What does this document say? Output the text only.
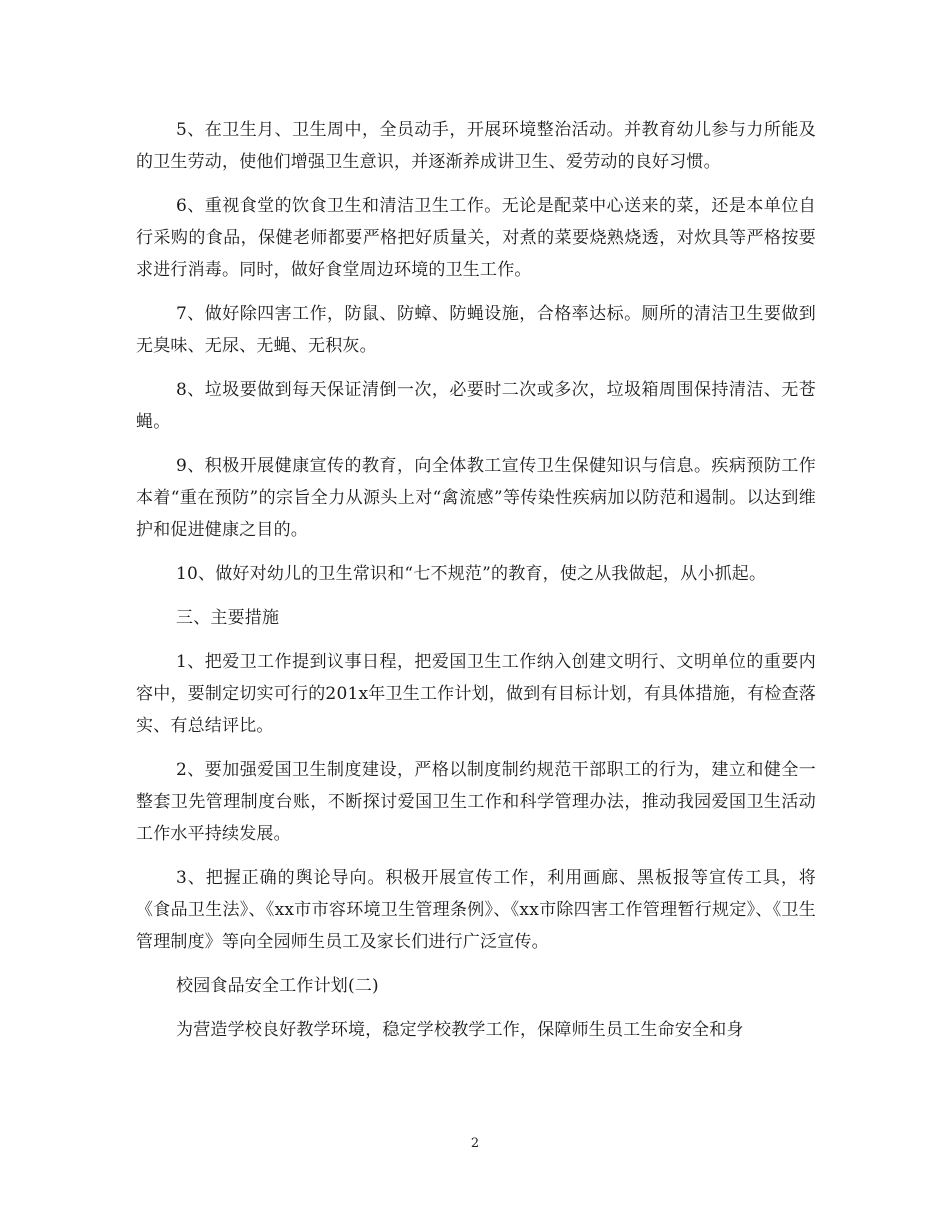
5、在卫生月、卫生周中，全员动手，开展环境整治活动。并教育幼儿参与力所能及的卫生劳动，使他们增强卫生意识，并逐渐养成讲卫生、爱劳动的良好习惯。

6、重视食堂的饮食卫生和清洁卫生工作。无论是配菜中心送来的菜，还是本单位自行采购的食品，保健老师都要严格把好质量关，对煮的菜要烧熟烧透，对炊具等严格按要求进行消毒。同时，做好食堂周边环境的卫生工作。

7、做好除四害工作，防鼠、防蟑、防蝇设施，合格率达标。厕所的清洁卫生要做到无臭味、无尿、无蝇、无积灰。

8、垃圾要做到每天保证清倒一次，必要时二次或多次，垃圾箱周围保持清洁、无苍蝇。

9、积极开展健康宣传的教育，向全体教工宣传卫生保健知识与信息。疾病预防工作本着“重在预防”的宗旨全力从源头上对“禽流感”等传染性疾病加以防范和遏制。以达到维护和促进健康之目的。

10、做好对幼儿的卫生常识和“七不规范”的教育，使之从我做起，从小抓起。

三、主要措施

1、把爱卫工作提到议事日程，把爱国卫生工作纳入创建文明行、文明单位的重要内容中，要制定切实可行的201x年卫生工作计划，做到有目标计划，有具体措施，有检查落实、有总结评比。

2、要加强爱国卫生制度建设，严格以制度制约规范干部职工的行为，建立和健全一整套卫先管理制度台账，不断探讨爱国卫生工作和科学管理办法，推动我园爱国卫生活动工作水平持续发展。

3、把握正确的舆论导向。积极开展宣传工作，利用画廊、黑板报等宣传工具，将《食品卫生法》、《xx市市容环境卫生管理条例》、《xx市除四害工作管理暂行规定》、《卫生管理制度》等向全园师生员工及家长们进行广泛宣传。

校园食品安全工作计划(二)

为营造学校良好教学环境，稳定学校教学工作，保障师生员工生命安全和身

2
